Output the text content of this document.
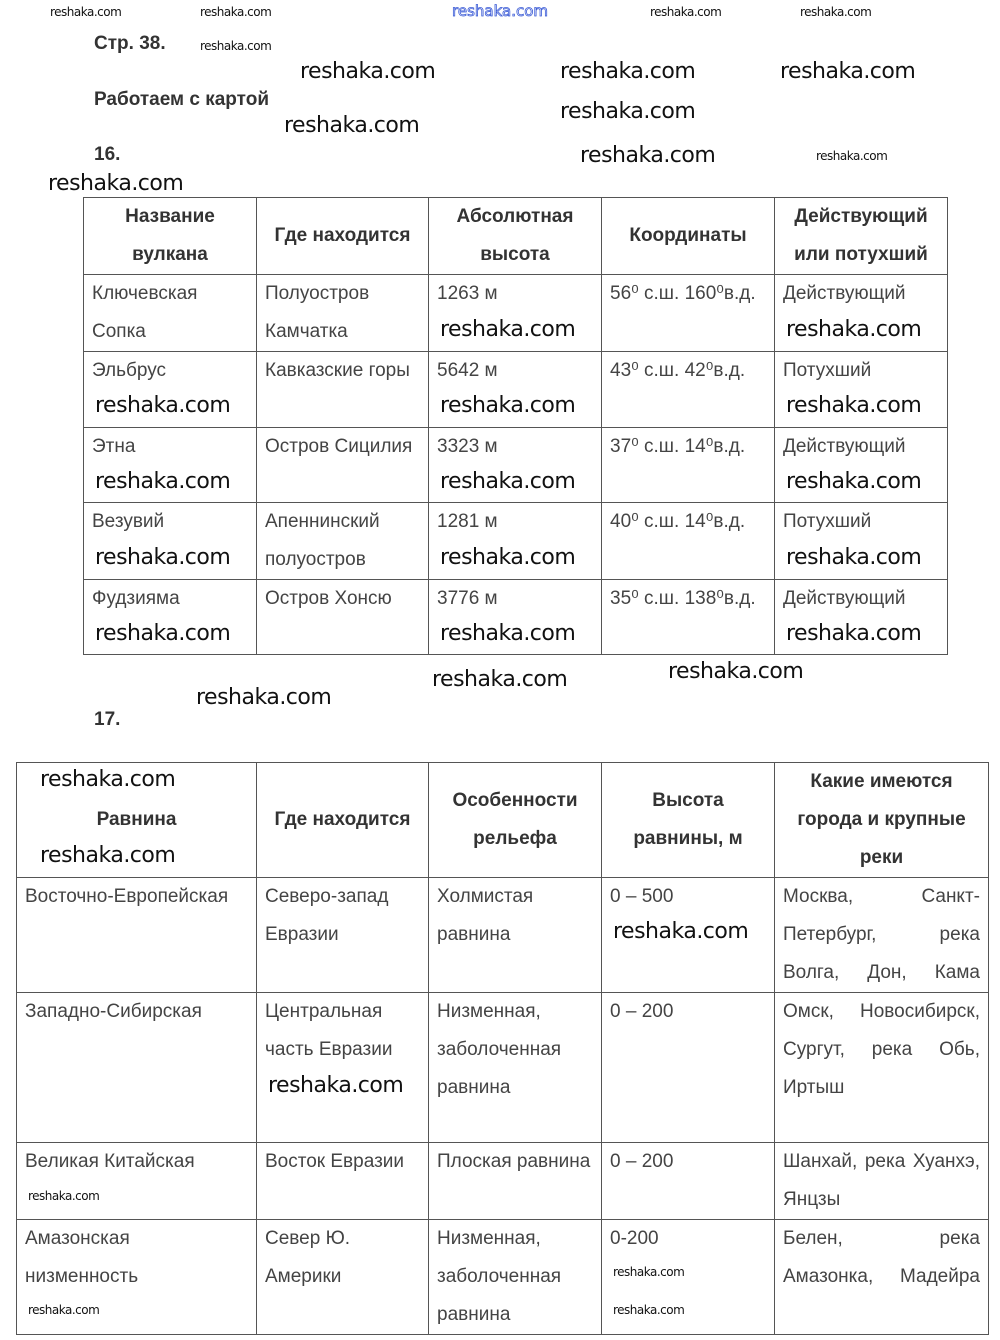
reshaka.com
Стр. 38.
Работаем с картой
16.
Название вулкана	Где находится	Абсолютная высота	Координаты	Действующий или потухший
Ключевская Сопка	Полуостров Камчатка	1263 м	56⁰ с.ш. 160⁰в.д.	Действующий
Эльбрус	Кавказские горы	5642 м	43⁰ с.ш. 42⁰в.д.	Потухший
Этна	Остров Сицилия	3323 м	37⁰ с.ш. 14⁰в.д.	Действующий
Везувий	Апеннинский полуостров	1281 м	40⁰ с.ш. 14⁰в.д.	Потухший
Фудзияма	Остров Хонсю	3776 м	35⁰ с.ш. 138⁰в.д.	Действующий
17.
Равнина	Где находится	Особенности рельефа	Высота равнины, м	Какие имеются города и крупные реки
Восточно-Европейская	Северо-запад Евразии	Холмистая равнина	0 – 500	Москва, Санкт-Петербург, река Волга, Дон, Кама
Западно-Сибирская	Центральная часть Евразии	Низменная, заболоченная равнина	0 – 200	Омск, Новосибирск, Сургут, река Обь, Иртыш
Великая Китайская	Восток Евразии	Плоская равнина	0 – 200	Шанхай, река Хуанхэ, Янцзы
Амазонская низменность	Север Ю. Америки	Низменная, заболоченная равнина	0-200	Белен, река Амазонка, Мадейра
reshaka.com
reshaka.com
reshaka.com
reshaka.com	reshaka.com
reshaka.com
reshaka.com
reshaka.com	reshaka.com
reshaka.com	reshaka.com	reshaka.com
reshaka.com	reshaka.com	reshaka.com
reshaka.com	reshaka.com	reshaka.com
reshaka.com	reshaka.com	reshaka.com
reshaka.com
reshaka.com	reshaka.com
reshaka.com
reshaka.com
reshaka.com
reshaka.com
reshaka.com	reshaka.com	reshaka.com	reshaka.com
reshaka.com
reshaka.com
reshaka.com
reshaka.com
reshaka.com
reshaka.com
